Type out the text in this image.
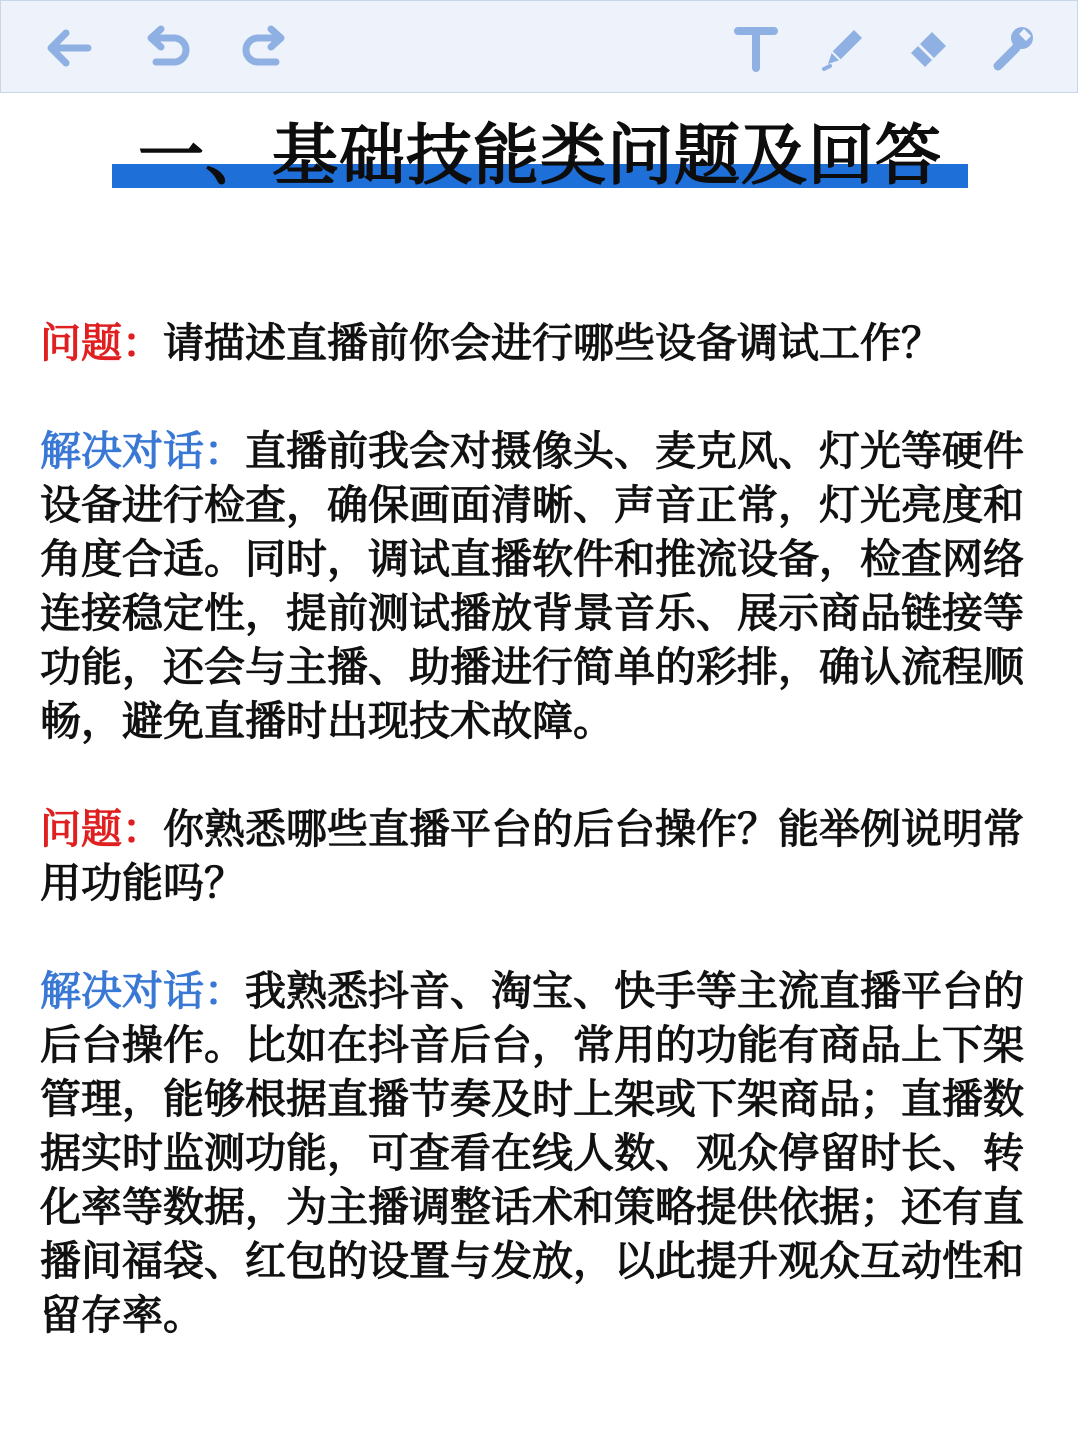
一、基础技能类问题及回答

问题：请描述直播前你会进行哪些设备调试工作？

解决对话：直播前我会对摄像头、麦克风、灯光等硬件设备进行检查，确保画面清晰、声音正常，灯光亮度和角度合适。同时，调试直播软件和推流设备，检查网络连接稳定性，提前测试播放背景音乐、展示商品链接等功能，还会与主播、助播进行简单的彩排，确认流程顺畅，避免直播时出现技术故障。

问题：你熟悉哪些直播平台的后台操作？能举例说明常用功能吗？

解决对话：我熟悉抖音、淘宝、快手等主流直播平台的后台操作。比如在抖音后台，常用的功能有商品上下架管理，能够根据直播节奏及时上架或下架商品；直播数据实时监测功能，可查看在线人数、观众停留时长、转化率等数据，为主播调整话术和策略提供依据；还有直播间福袋、红包的设置与发放，以此提升观众互动性和留存率。
